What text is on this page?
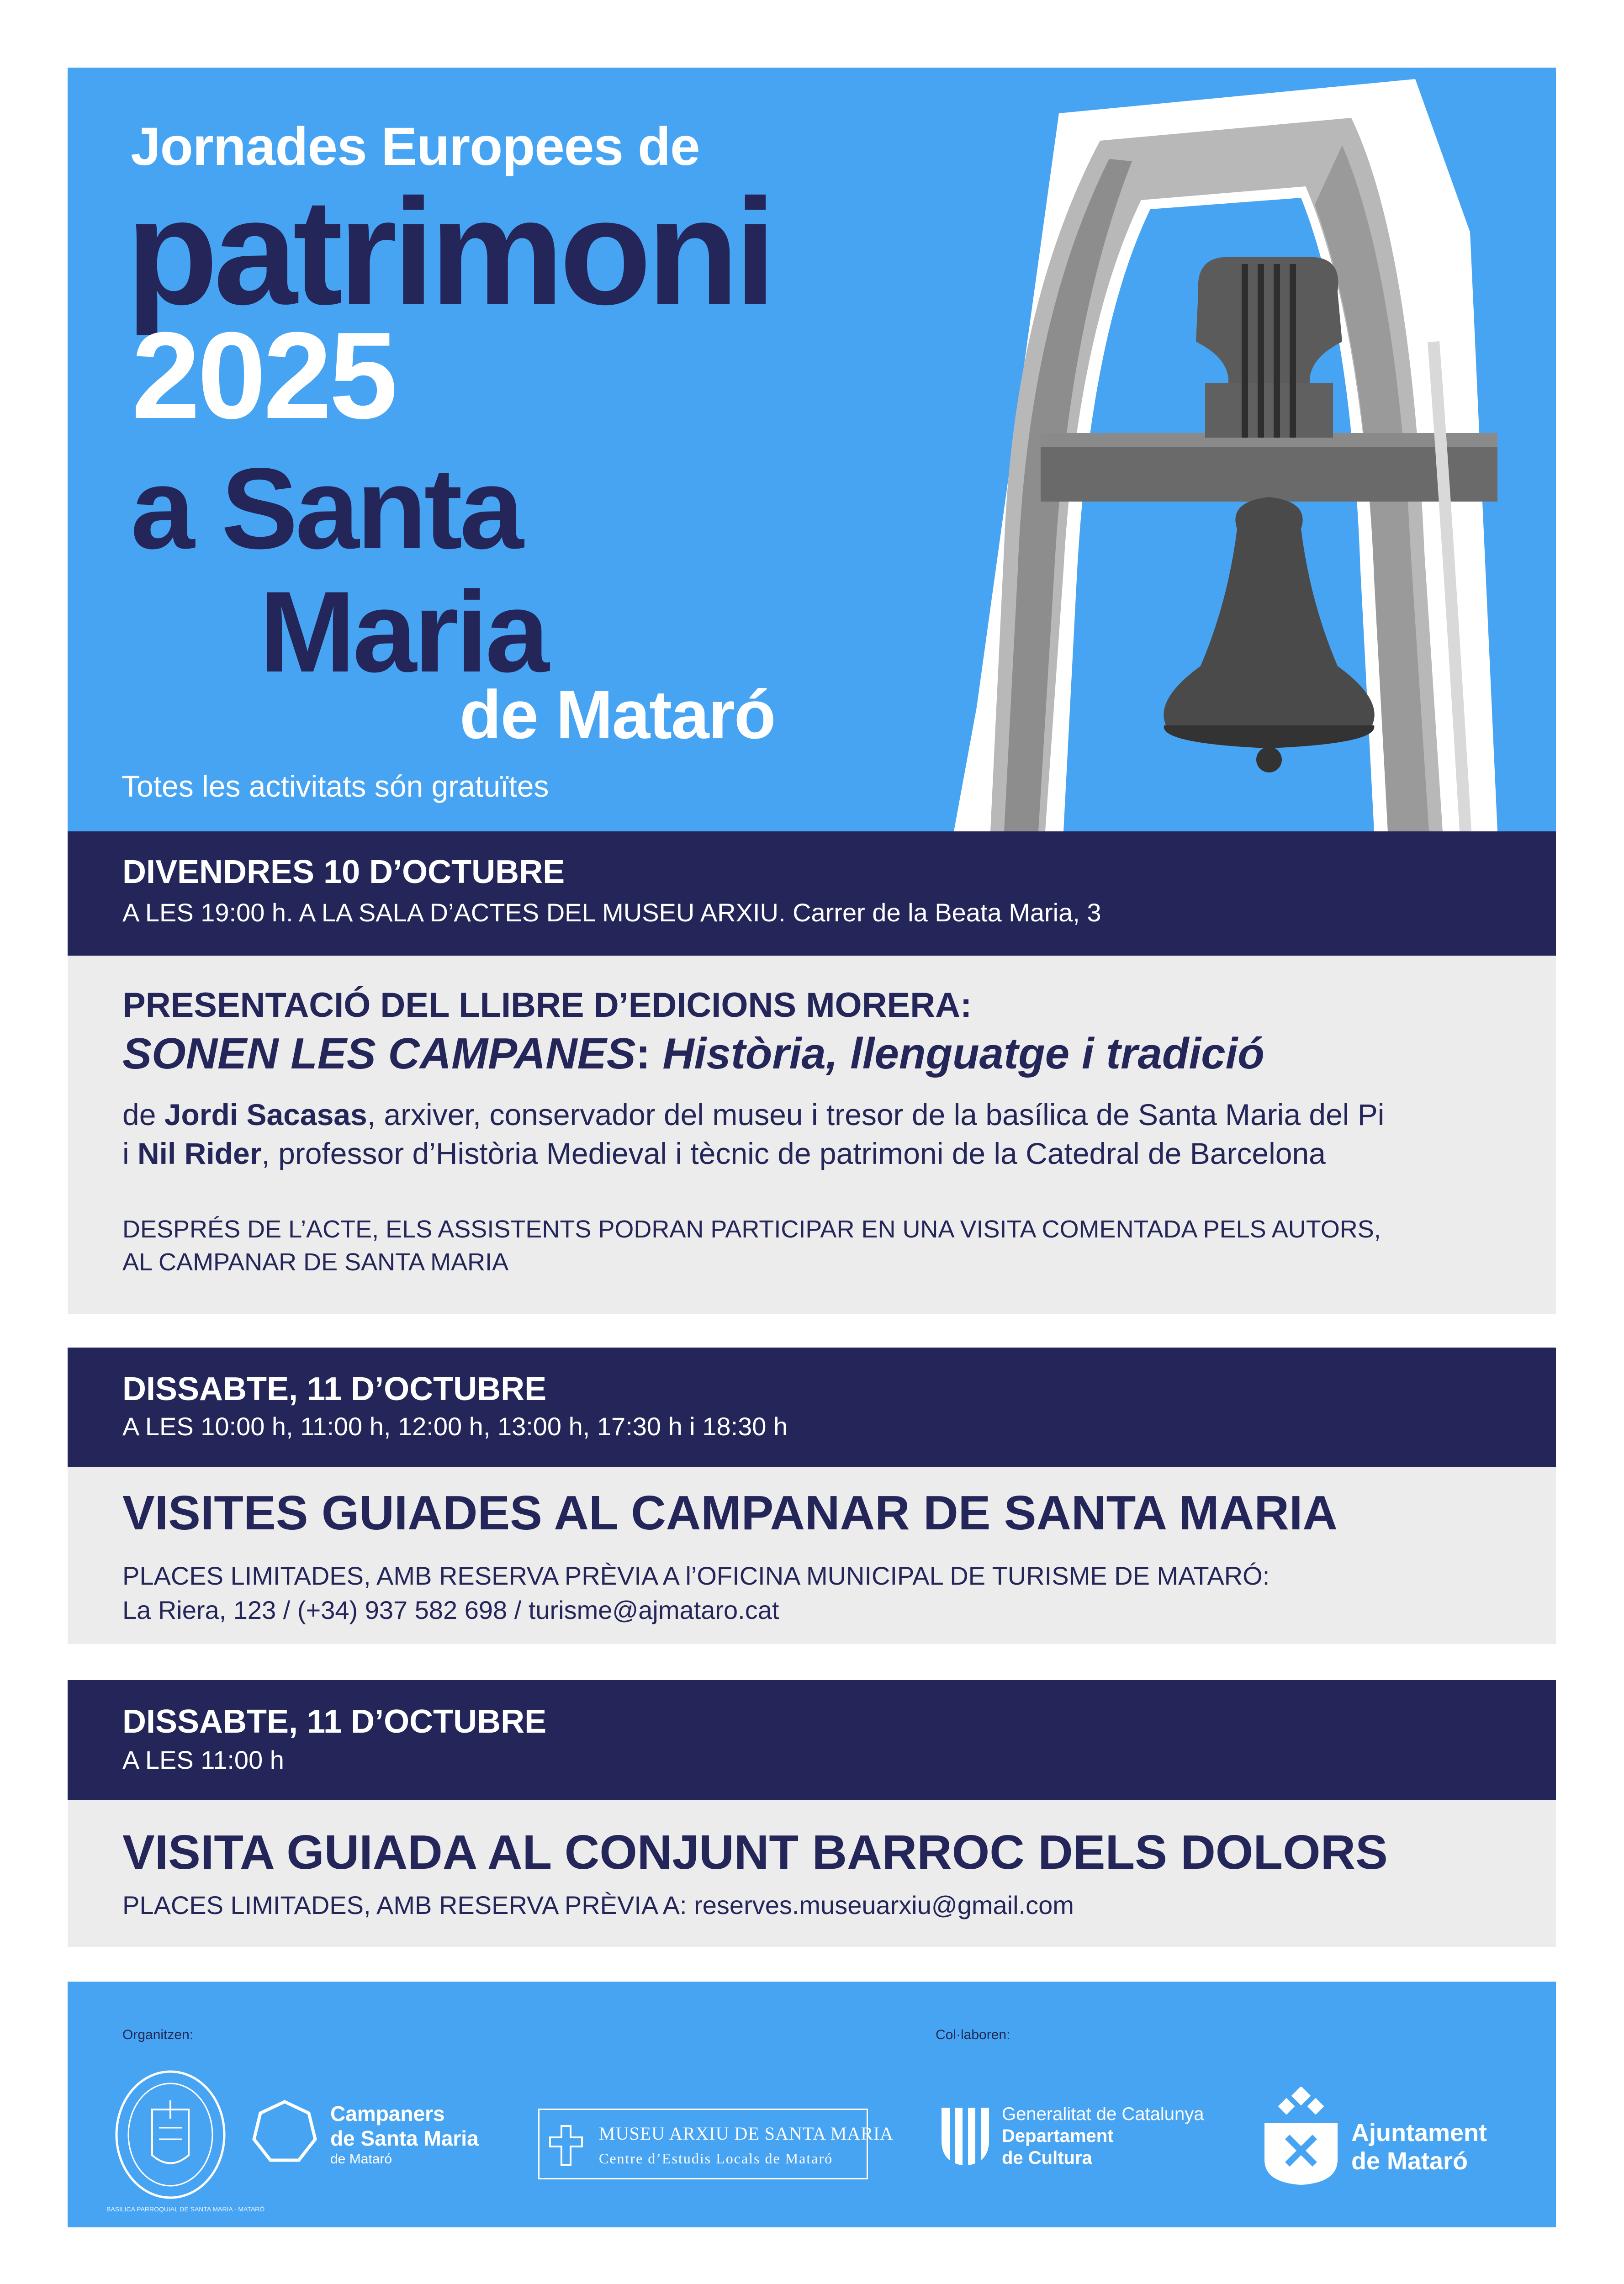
Jornades Europees de
patrimoni
2025
a Santa
Maria
de Mataró
Totes les activitats són gratuïtes
DIVENDRES 10 D’OCTUBRE
A LES 19:00 h. A LA SALA D’ACTES DEL MUSEU ARXIU. Carrer de la Beata Maria, 3
PRESENTACIÓ DEL LLIBRE D’EDICIONS MORERA:
SONEN LES CAMPANES: Història, llenguatge i tradició
de Jordi Sacasas, arxiver, conservador del museu i tresor de la basílica de Santa Maria del Pi
i Nil Rider, professor d’Història Medieval i tècnic de patrimoni de la Catedral de Barcelona
DESPRÉS DE L’ACTE, ELS ASSISTENTS PODRAN PARTICIPAR EN UNA VISITA COMENTADA PELS AUTORS,
AL CAMPANAR DE SANTA MARIA
DISSABTE, 11 D’OCTUBRE
A LES 10:00 h, 11:00 h, 12:00 h, 13:00 h, 17:30 h i 18:30 h
VISITES GUIADES AL CAMPANAR DE SANTA MARIA
PLACES LIMITADES, AMB RESERVA PRÈVIA A l’OFICINA MUNICIPAL DE TURISME DE MATARÓ:
La Riera, 123 / (+34) 937 582 698 / turisme@ajmataro.cat
DISSABTE, 11 D’OCTUBRE
A LES 11:00 h
VISITA GUIADA AL CONJUNT BARROC DELS DOLORS
PLACES LIMITADES, AMB RESERVA PRÈVIA A: reserves.museuarxiu@gmail.com
Organitzen:	Col·laboren:
BASILICA PARROQUIAL DE SANTA MARIA · MATARÓ
Campaners
de Santa Maria
de Mataró
MUSEU ARXIU DE SANTA MARIA
Centre d’Estudis Locals de Mataró
Generalitat de Catalunya
Departament
de Cultura
Ajuntament
de Mataró
